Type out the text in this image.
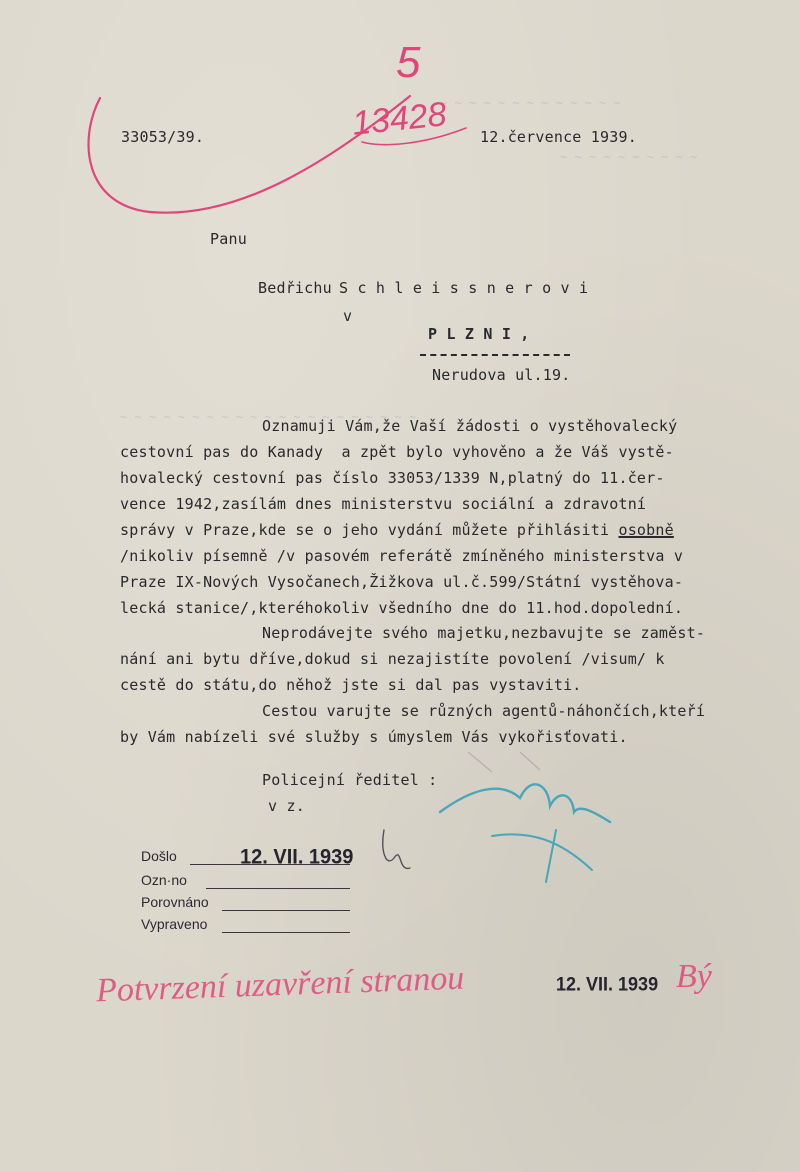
~ ~ ~ ~ ~ ~ ~ ~ ~ ~ ~ ~ ~
~ ~ ~ ~ ~ ~ ~ ~ ~ ~
~ ~ ~ ~ ~ ~ ~ ~ ~ ~ ~ ~ ~ ~ ~ ~ ~ ~ ~ ~ ~
33053/39.	12.července 1939.
13428
5
Panu
Bedřichu S c h l e i s s n e r o v i
v
P L Z N I ,
Nerudova ul.19.
Oznamuji Vám,že Vaší žádosti o vystěhovalecký
cestovní pas do Kanady  a zpět bylo vyhověno a že Váš vystě-
hovalecký cestovní pas číslo 33053/1339 N,platný do 11.čer-
vence 1942,zasílám dnes ministerstvu sociální a zdravotní
správy v Praze,kde se o jeho vydání můžete přihlásiti osobně
/nikoliv písemně /v pasovém referátě zmíněného ministerstva v
Praze IX-Nových Vysočanech,Žižkova ul.č.599/Státní vystěhova-
lecká stanice/,kteréhokoliv všedního dne do 11.hod.dopolední.
Neprodávejte svého majetku,nezbavujte se zaměst-
nání ani bytu dříve,dokud si nezajistíte povolení /visum/ k
cestě do státu,do něhož jste si dal pas vystaviti.
Cestou varujte se různých agentů-náhončích,kteří
by Vám nabízeli své služby s úmyslem Vás vykořisťovati.
Policejní ředitel :
v z.
Došlo	12. VII. 1939
Ozn·no
Porovnáno
Vypraveno
Potvrzení uzavření stranou	12. VII. 1939 Bý
